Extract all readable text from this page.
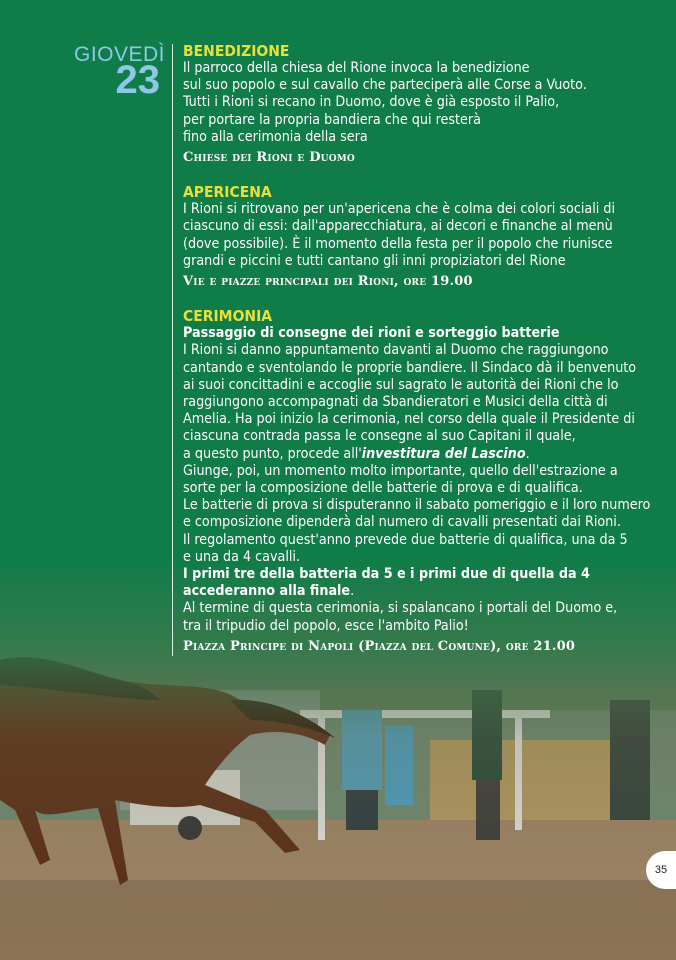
GIOVEDÌ
23
BENEDIZIONE
Il parroco della chiesa del Rione invoca la benedizione
sul suo popolo e sul cavallo che parteciperà alle Corse a Vuoto.
Tutti i Rioni si recano in Duomo, dove è già esposto il Palio,
per portare la propria bandiera che qui resterà
fino alla cerimonia della sera
Chiese dei Rioni e Duomo
APERICENA
I Rioni si ritrovano per un'apericena che è colma dei colori sociali di
ciascuno di essi: dall'apparecchiatura, ai decori e finanche al menù
(dove possibile). È il momento della festa per il popolo che riunisce
grandi e piccini e tutti cantano gli inni propiziatori del Rione
Vie e piazze principali dei Rioni, ore 19.00
CERIMONIA
Passaggio di consegne dei rioni e sorteggio batterie
I Rioni si danno appuntamento davanti al Duomo che raggiungono
cantando e sventolando le proprie bandiere. Il Sindaco dà il benvenuto
ai suoi concittadini e accoglie sul sagrato le autorità dei Rioni che lo
raggiungono accompagnati da Sbandieratori e Musici della città di
Amelia. Ha poi inizio la cerimonia, nel corso della quale il Presidente di
ciascuna contrada passa le consegne al suo Capitani il quale,
a questo punto, procede all'investitura del Lascino.
Giunge, poi, un momento molto importante, quello dell'estrazione a
sorte per la composizione delle batterie di prova e di qualifica.
Le batterie di prova si disputeranno il sabato pomeriggio e il loro numero
e composizione dipenderà dal numero di cavalli presentati dai Rioni.
Il regolamento quest'anno prevede due batterie di qualifica, una da 5
e una da 4 cavalli.
I primi tre della batteria da 5 e i primi due di quella da 4
accederanno alla finale.
Al termine di questa cerimonia, si spalancano i portali del Duomo e,
tra il tripudio del popolo, esce l'ambito Palio!
Piazza Principe di Napoli (Piazza del Comune), ore 21.00
35
